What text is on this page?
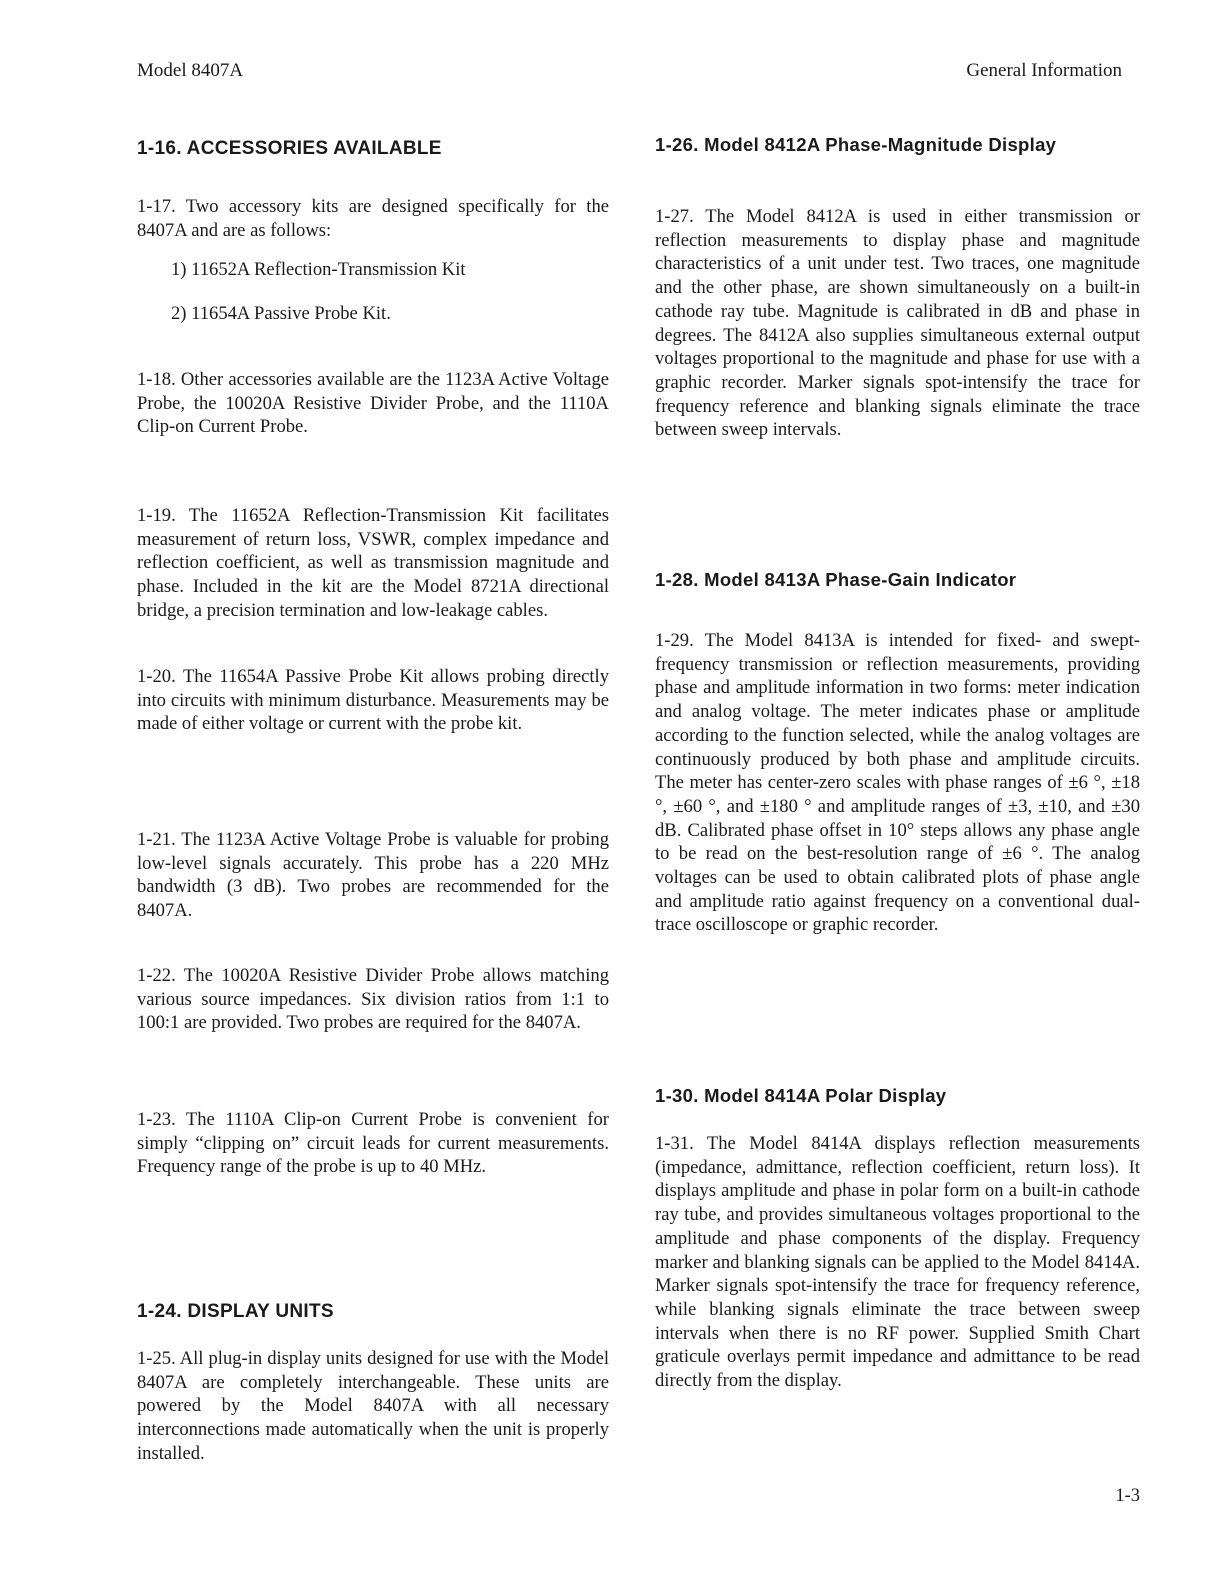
Model 8407A	General Information
1-16. ACCESSORIES AVAILABLE
1-17. Two accessory kits are designed specifically for the 8407A and are as follows:
1) 11652A Reflection-Transmission Kit
2) 11654A Passive Probe Kit.
1-18. Other accessories available are the 1123A Active Voltage Probe, the 10020A Resistive Divider Probe, and the 1110A Clip-on Current Probe.
1-19. The 11652A Reflection-Transmission Kit facilitates measurement of return loss, VSWR, complex impedance and reflection coefficient, as well as transmission magnitude and phase. Included in the kit are the Model 8721A directional bridge, a precision termination and low-leakage cables.
1-20. The 11654A Passive Probe Kit allows probing directly into circuits with minimum disturbance. Measurements may be made of either voltage or current with the probe kit.
1-21. The 1123A Active Voltage Probe is valuable for probing low-level signals accurately. This probe has a 220 MHz bandwidth (3 dB). Two probes are recommended for the 8407A.
1-22. The 10020A Resistive Divider Probe allows matching various source impedances. Six division ratios from 1:1 to 100:1 are provided. Two probes are required for the 8407A.
1-23. The 1110A Clip-on Current Probe is convenient for simply “clipping on” circuit leads for current measurements. Frequency range of the probe is up to 40 MHz.
1-24. DISPLAY UNITS
1-25. All plug-in display units designed for use with the Model 8407A are completely interchangeable. These units are powered by the Model 8407A with all necessary interconnections made automatically when the unit is properly installed.
1-26. Model 8412A Phase-Magnitude Display
1-27. The Model 8412A is used in either transmission or reflection measurements to display phase and magnitude characteristics of a unit under test. Two traces, one magnitude and the other phase, are shown simultaneously on a built-in cathode ray tube. Magnitude is calibrated in dB and phase in degrees. The 8412A also supplies simultaneous external output voltages proportional to the magnitude and phase for use with a graphic recorder. Marker signals spot-intensify the trace for frequency reference and blanking signals eliminate the trace between sweep intervals.
1-28. Model 8413A Phase-Gain Indicator
1-29. The Model 8413A is intended for fixed- and swept-frequency transmission or reflection measurements, providing phase and amplitude information in two forms: meter indication and analog voltage. The meter indicates phase or amplitude according to the function selected, while the analog voltages are continuously produced by both phase and amplitude circuits. The meter has center-zero scales with phase ranges of ±6 °, ±18 °, ±60 °, and ±180 ° and amplitude ranges of ±3, ±10, and ±30 dB. Calibrated phase offset in 10° steps allows any phase angle to be read on the best-resolution range of ±6 °. The analog voltages can be used to obtain calibrated plots of phase angle and amplitude ratio against frequency on a conventional dual-trace oscilloscope or graphic recorder.
1-30. Model 8414A Polar Display
1-31. The Model 8414A displays reflection measurements (impedance, admittance, reflection coefficient, return loss). It displays amplitude and phase in polar form on a built-in cathode ray tube, and provides simultaneous voltages proportional to the amplitude and phase components of the display. Frequency marker and blanking signals can be applied to the Model 8414A. Marker signals spot-intensify the trace for frequency reference, while blanking signals eliminate the trace between sweep intervals when there is no RF power. Supplied Smith Chart graticule overlays permit impedance and admittance to be read directly from the display.
1-3
